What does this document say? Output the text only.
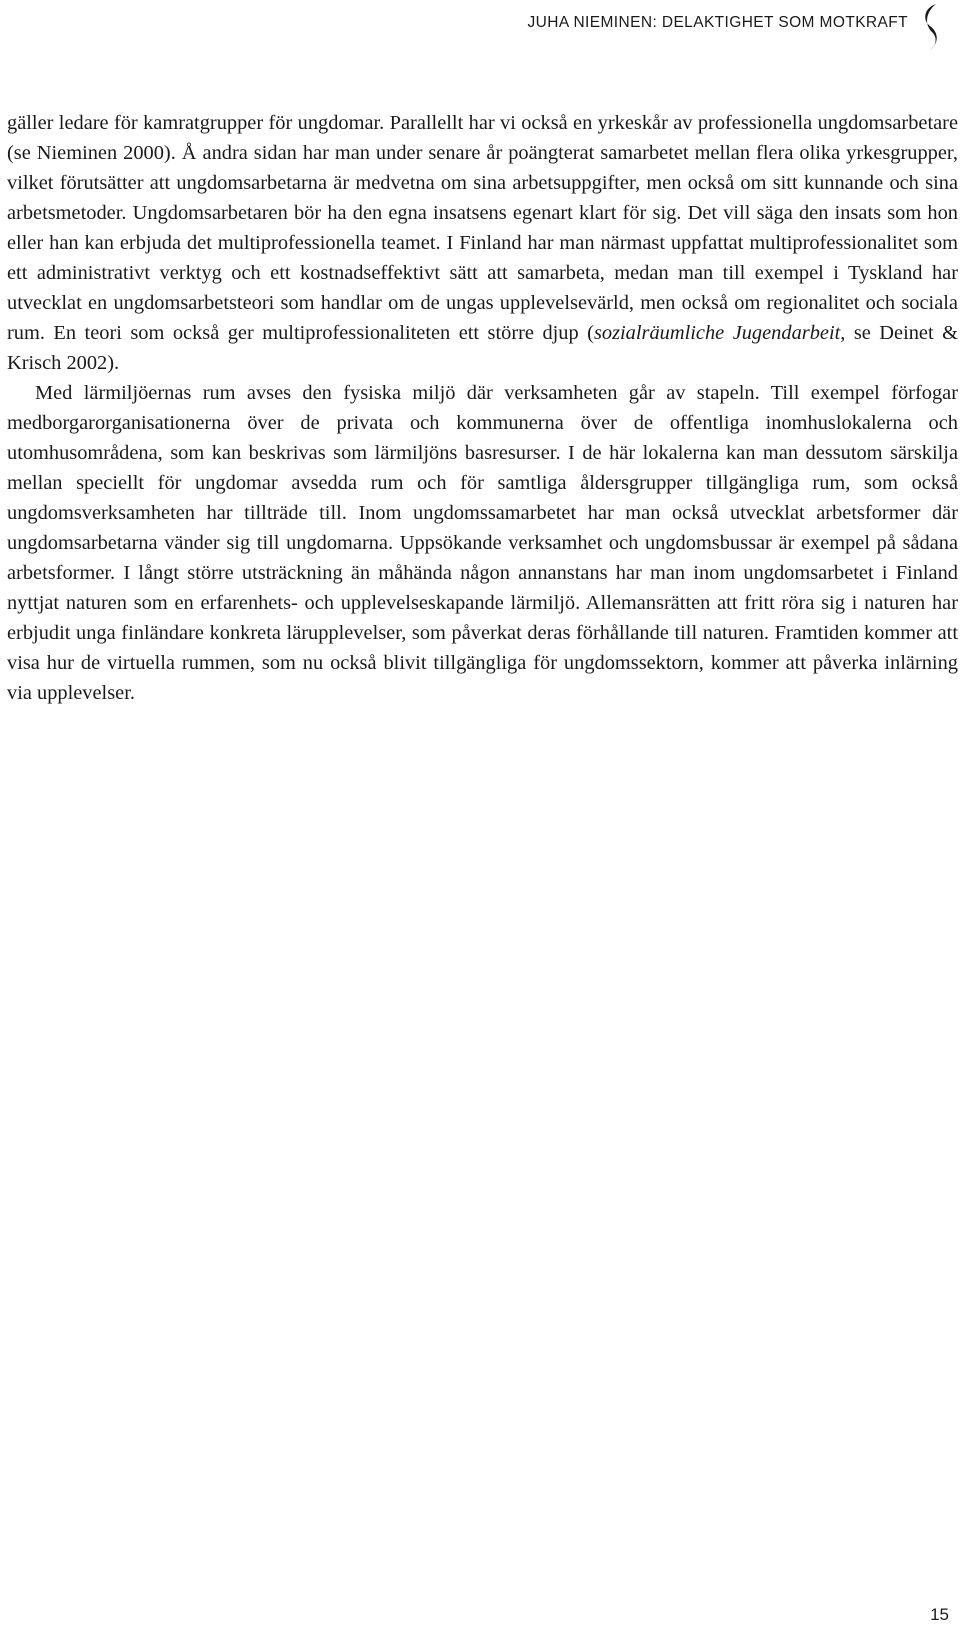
JUHA NIEMINEN: DELAKTIGHET SOM MOTKRAFT

gäller ledare för kamratgrupper för ungdomar. Parallellt har vi också en yrkeskår av professionella ungdomsarbetare (se Nieminen 2000). Å andra sidan har man under senare år poängterat samarbetet mellan flera olika yrkesgrupper, vilket förutsätter att ungdomsarbetarna är medvetna om sina arbetsuppgifter, men också om sitt kunnande och sina arbetsmetoder. Ungdomsarbetaren bör ha den egna insatsens egenart klart för sig. Det vill säga den insats som hon eller han kan erbjuda det multiprofessionella teamet. I Finland har man närmast uppfattat multiprofessionalitet som ett administrativt verktyg och ett kostnadseffektivt sätt att samarbeta, medan man till exempel i Tyskland har utvecklat en ungdomsarbetsteori som handlar om de ungas upplevelsevärld, men också om regionalitet och sociala rum. En teori som också ger multiprofessionaliteten ett större djup (sozialräumliche Jugendarbeit, se Deinet & Krisch 2002).

Med lärmiljöernas rum avses den fysiska miljö där verksamheten går av stapeln. Till exempel förfogar medborgarorganisationerna över de privata och kommunerna över de offentliga inomhuslokalerna och utomhusområdena, som kan beskrivas som lärmiljöns basresurser. I de här lokalerna kan man dessutom särskilja mellan speciellt för ungdomar avsedda rum och för samtliga åldersgrupper tillgängliga rum, som också ungdomsverksamheten har tillträde till. Inom ungdomssamarbetet har man också utvecklat arbetsformer där ungdomsarbetarna vänder sig till ungdomarna. Uppsökande verksamhet och ungdomsbussar är exempel på sådana arbetsformer. I långt större utsträckning än måhända någon annanstans har man inom ungdomsarbetet i Finland nyttjat naturen som en erfarenhets- och upplevelseskapande lärmiljö. Allemansrätten att fritt röra sig i naturen har erbjudit unga finländare konkreta lärupplevelser, som påverkat deras förhållande till naturen. Framtiden kommer att visa hur de virtuella rummen, som nu också blivit tillgängliga för ungdomssektorn, kommer att påverka inlärning via upplevelser.

15
